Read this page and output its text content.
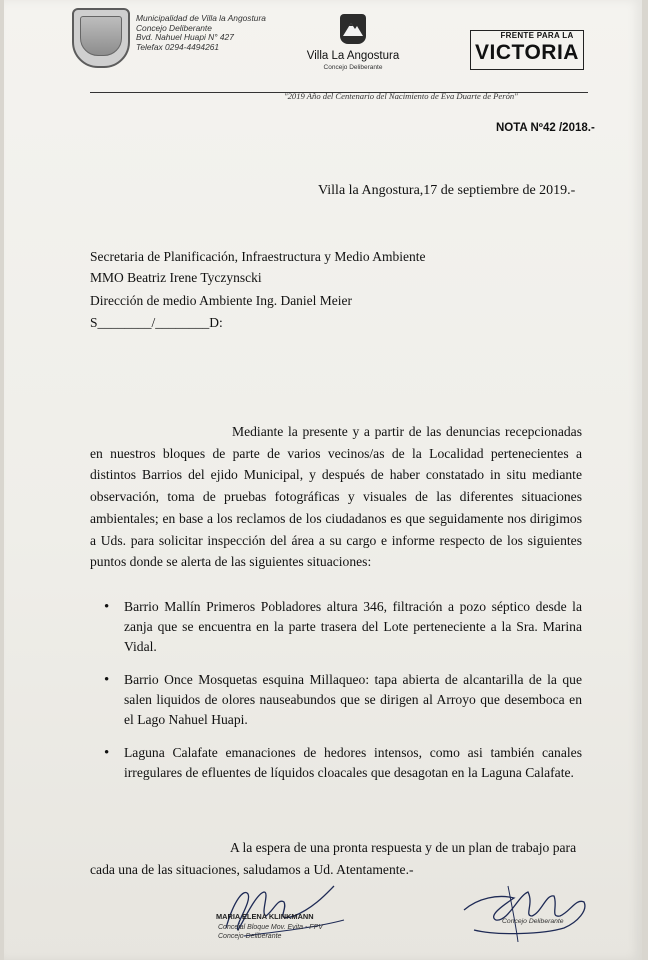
Municipalidad de Villa la Angostura
Concejo Deliberante
Bvd. Nahuel Huapi N° 427
Telefax 0294-4494261
Villa La Angostura
Concejo Deliberante
FRENTE PARA LA
VICTORIA
"2019 Año del Centenario del Nacimiento de Eva Duarte de Perón"
NOTA Nº42 /2018.-
Villa la Angostura,17 de septiembre de 2019.-
Secretaria de Planificación, Infraestructura y Medio Ambiente
MMO Beatriz Irene Tyczynscki
Dirección de medio Ambiente Ing. Daniel Meier
S________/________D:
Mediante la presente y a partir de las denuncias recepcionadas en nuestros bloques de parte de varios vecinos/as de la Localidad pertenecientes a distintos Barrios del ejido Municipal, y después de haber constatado in situ mediante observación, toma de pruebas fotográficas y visuales de las diferentes situaciones ambientales; en base a los reclamos de los ciudadanos es que seguidamente nos dirigimos a Uds. para solicitar inspección del área a su cargo e informe respecto de los siguientes puntos donde se alerta de las siguientes situaciones:
• Barrio Mallín Primeros Pobladores altura 346, filtración a pozo séptico desde la zanja que se encuentra en la parte trasera del Lote perteneciente a la Sra. Marina Vidal.
• Barrio Once Mosquetas esquina Millaqueo: tapa abierta de alcantarilla de la que salen liquidos de olores nauseabundos que se dirigen al Arroyo que desemboca en el Lago Nahuel Huapi.
• Laguna Calafate emanaciones de hedores intensos, como asi también canales irregulares de efluentes de líquidos cloacales que desagotan en la Laguna Calafate.
A la espera de una pronta respuesta y de un plan de trabajo para cada una de las situaciones, saludamos a Ud. Atentamente.-
MARIA ELENA KLINKMANN
Concejal Bloque Mov. Evita - FPV
Concejo Deliberante
Concejo Deliberante
